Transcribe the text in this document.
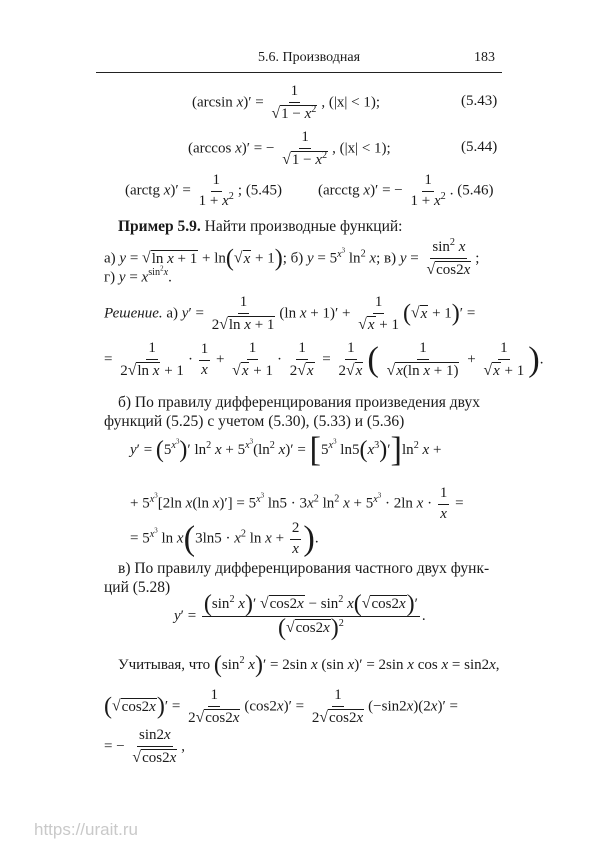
5.6. Производная	183
(arcsin $x)' = \frac{1}{√1 - x^2}$ , (|x| < 1);	(5.43)
(arccos x)′ = − $\frac{1}{√1 - x^2}$ , (|x| < 1);	(5.44)
(arctg $x)' = \frac{1}{1 + x^2}$ ; (5.45) (arcctg x)′ = − $\frac{1}{1 + x^2}$ . (5.46)
Пример 5.9. Найти производные функций:
а) y = √ln x + 1 + ln(√x + 1); б) $y = 5^{x^3}$ $\ln^2 x$; в) $y = \frac{\sin^2 x}{√\cos 2x}$ ;
г) $y = x^{sin^2x}$.
Решение. а) $y' = \frac{1}{\text{2√ln x + 1}} (\ln$ $x + 1)' + \frac{1}{√x + 1} (√x + 1)'$ =
= $\frac{1}{\text{2√ln x + 1}} \cdot \frac{1}{x} + \frac{1}{√x + 1} \cdot \frac{1}{2√x} = \frac{1}{2√x}$ ( $\frac{1}{\text{√x(ln x + 1)}} + \frac{1}{√x + 1}$ ).
б) По правилу дифференцирования произведения двух
функций (5.25) с учетом (5.30), (5.33) и (5.36)
$y' = (5^{x^3})'$ $\ln^2 x + 5^{x^3}(\ln^2$ $x)' = [5^{x^3}$ $\ln 5(x^3)']\ln^2$ x +
+ $5^{x^3}[2\ln$ x(ln $x)'] = 5^{x^3}$ $\ln 5 \cdot 3x^2$ $\ln^2 x + 5^{x^3} \cdot 2\ln$ $x \cdot \frac{1}{x}$ =
= $5^{x^3}$ $\ln x(3\ln 5 \cdot x^2$ $\ln x + \frac{2}{x}$ ).
в) По правилу дифференцирования частного двух функ-
ций (5.28)
$y' = \frac{(\sin^2 x)' √\cos 2x - \sin^2 x(√\cos 2x)'}{(√\cos 2x)^2}$ .
Учитывая, что ($\sin^2$ x)′ = 2sin x (sin x)′ = 2sin x cos x = sin2x,
$(√\cos 2x)' = \frac{1}{2√\cos 2x} (\cos 2x)' = \frac{1}{2√\cos 2x} (-\sin 2x)(2x)'$ =
= − $\frac{\sin 2x}{√\cos 2x}$ ,
https://urait.ru
